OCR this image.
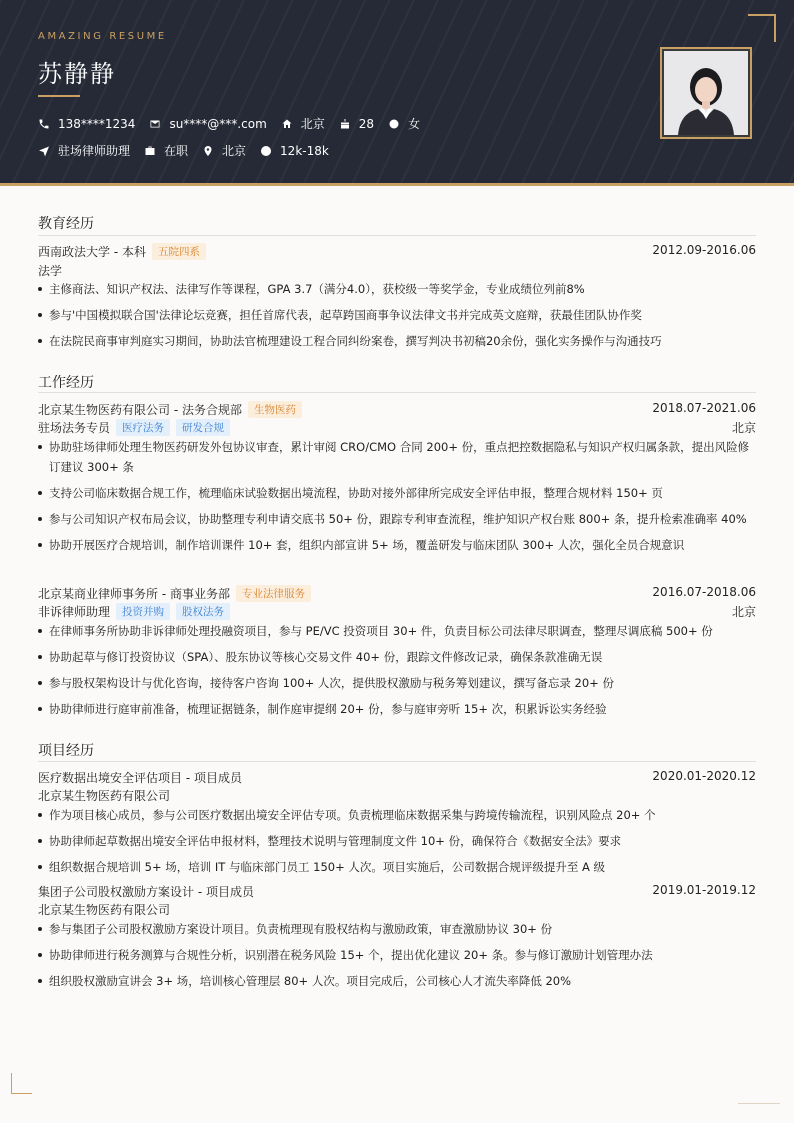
AMAZING RESUME
苏静静
138****1234	su****@***.com	北京	28	女
驻场律师助理	在职	北京	12k-18k
教育经历
西南政法大学 - 本科	五院四系	2012.09-2016.06
法学
主修商法、知识产权法、法律写作等课程，GPA 3.7（满分4.0），获校级一等奖学金，专业成绩位列前8%
参与'中国模拟联合国'法律论坛竞赛，担任首席代表，起草跨国商事争议法律文书并完成英文庭辩，获最佳团队协作奖
在法院民商事审判庭实习期间，协助法官梳理建设工程合同纠纷案卷，撰写判决书初稿20余份，强化实务操作与沟通技巧
工作经历
北京某生物医药有限公司 - 法务合规部	生物医药	2018.07-2021.06
驻场法务专员	医疗法务	研发合规	北京
协助驻场律师处理生物医药研发外包协议审查，累计审阅 CRO/CMO 合同 200+ 份，重点把控数据隐私与知识产权归属条款，提出风险修订建议 300+ 条
支持公司临床数据合规工作，梳理临床试验数据出境流程，协助对接外部律所完成安全评估申报，整理合规材料 150+ 页
参与公司知识产权布局会议，协助整理专利申请交底书 50+ 份，跟踪专利审查流程，维护知识产权台账 800+ 条，提升检索准确率 40%
协助开展医疗合规培训，制作培训课件 10+ 套，组织内部宣讲 5+ 场，覆盖研发与临床团队 300+ 人次，强化全员合规意识
北京某商业律师事务所 - 商事业务部	专业法律服务	2016.07-2018.06
非诉律师助理	投资并购	股权法务	北京
在律师事务所协助非诉律师处理投融资项目，参与 PE/VC 投资项目 30+ 件，负责目标公司法律尽职调查，整理尽调底稿 500+ 份
协助起草与修订投资协议（SPA）、股东协议等核心交易文件 40+ 份，跟踪文件修改记录，确保条款准确无误
参与股权架构设计与优化咨询，接待客户咨询 100+ 人次，提供股权激励与税务筹划建议，撰写备忘录 20+ 份
协助律师进行庭审前准备，梳理证据链条，制作庭审提纲 20+ 份，参与庭审旁听 15+ 次，积累诉讼实务经验
项目经历
医疗数据出境安全评估项目 - 项目成员	2020.01-2020.12
北京某生物医药有限公司
作为项目核心成员，参与公司医疗数据出境安全评估专项。负责梳理临床数据采集与跨境传输流程，识别风险点 20+ 个
协助律师起草数据出境安全评估申报材料，整理技术说明与管理制度文件 10+ 份，确保符合《数据安全法》要求
组织数据合规培训 5+ 场，培训 IT 与临床部门员工 150+ 人次。项目实施后，公司数据合规评级提升至 A 级
集团子公司股权激励方案设计 - 项目成员	2019.01-2019.12
北京某生物医药有限公司
参与集团子公司股权激励方案设计项目。负责梳理现有股权结构与激励政策，审查激励协议 30+ 份
协助律师进行税务测算与合规性分析，识别潜在税务风险 15+ 个，提出优化建议 20+ 条。参与修订激励计划管理办法
组织股权激励宣讲会 3+ 场，培训核心管理层 80+ 人次。项目完成后，公司核心人才流失率降低 20%
